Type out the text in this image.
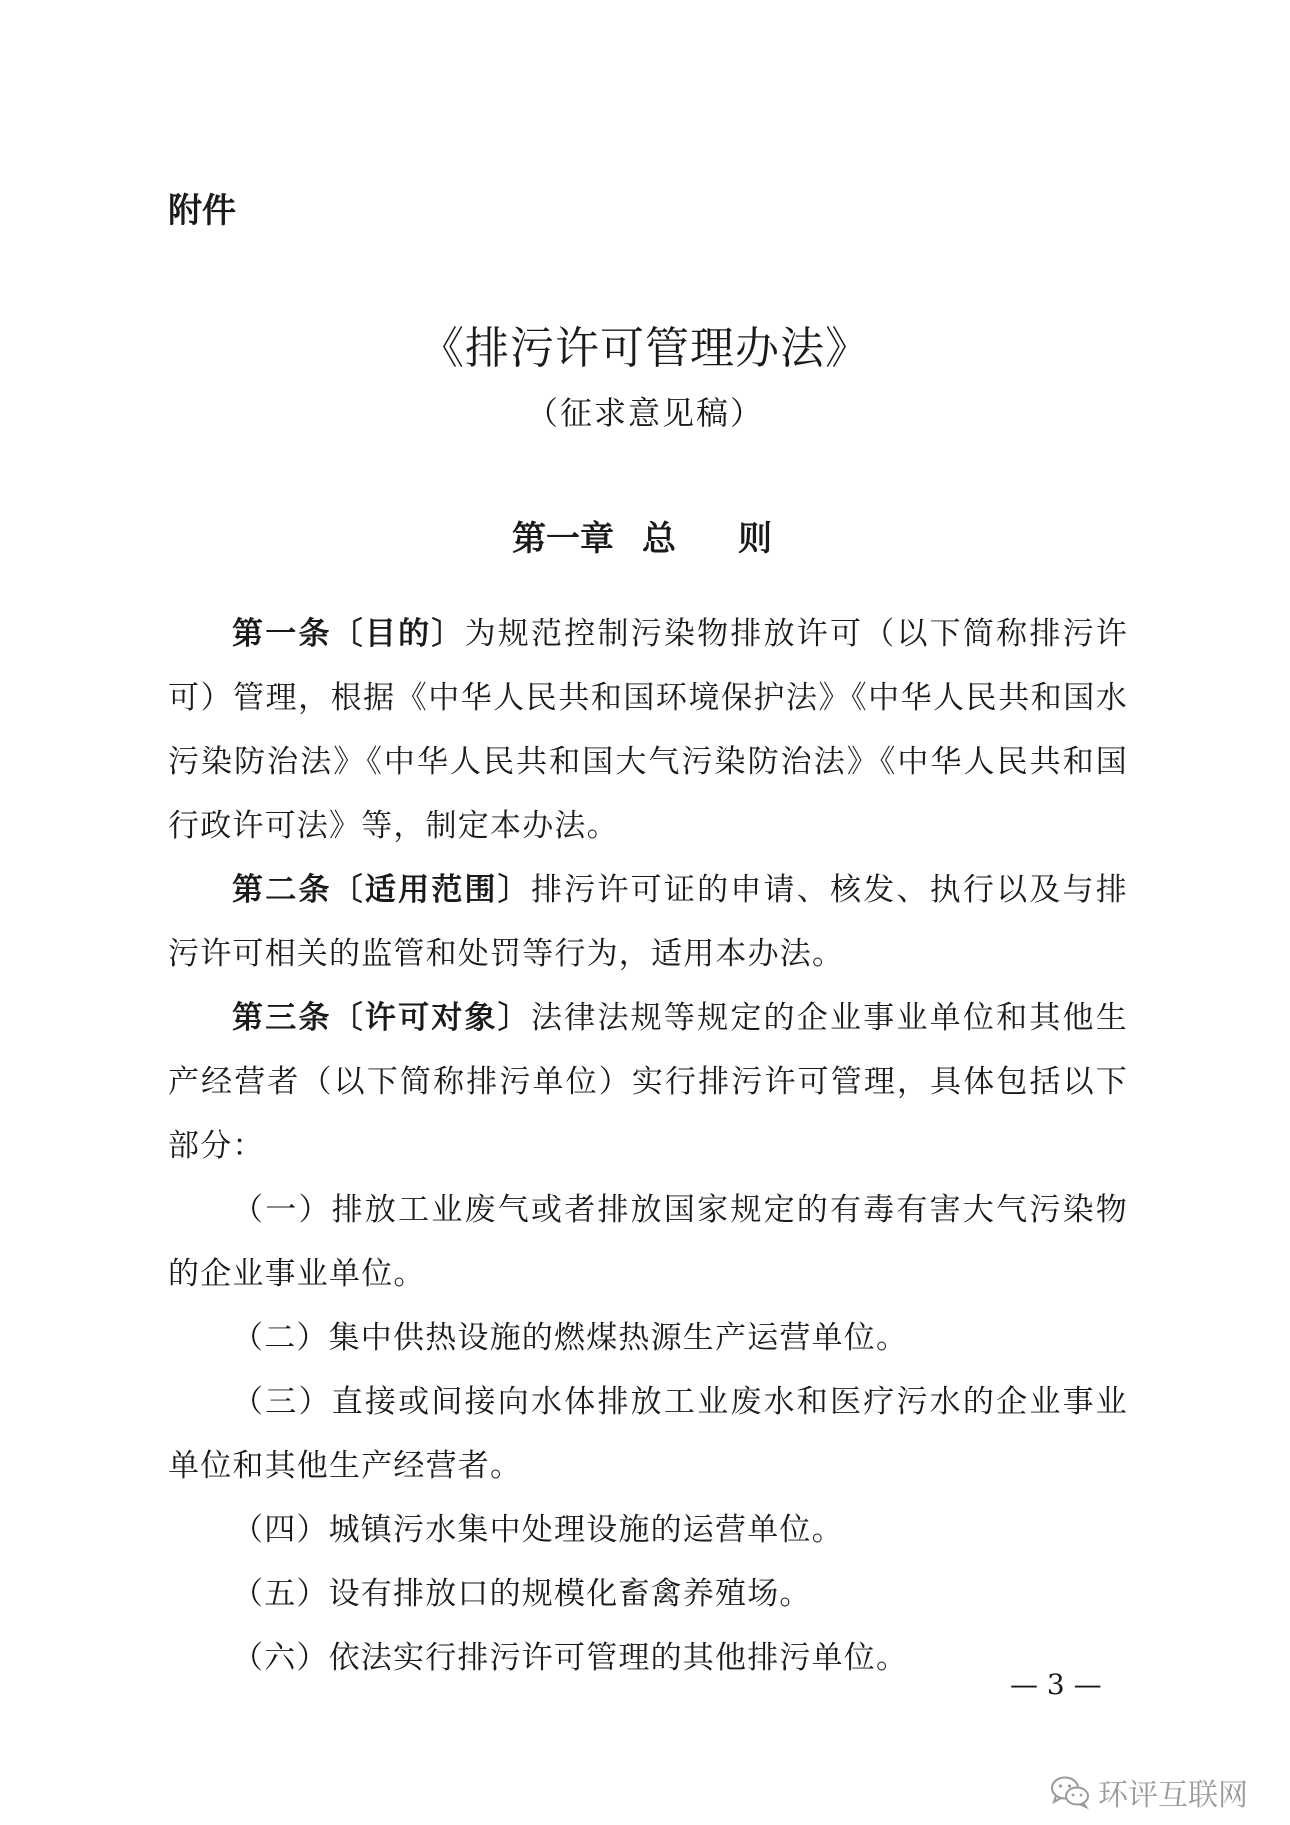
附件
《排污许可管理办法》
（征求意见稿）
第一章 总 则

第一条〔目的〕为规范控制污染物排放许可（以下简称排污许可）管理，根据《中华人民共和国环境保护法》《中华人民共和国水污染防治法》《中华人民共和国大气污染防治法》《中华人民共和国行政许可法》等，制定本办法。

第二条〔适用范围〕排污许可证的申请、核发、执行以及与排污许可相关的监管和处罚等行为，适用本办法。

第三条〔许可对象〕法律法规等规定的企业事业单位和其他生产经营者（以下简称排污单位）实行排污许可管理，具体包括以下部分：

（一）排放工业废气或者排放国家规定的有毒有害大气污染物的企业事业单位。

（二）集中供热设施的燃煤热源生产运营单位。

（三）直接或间接向水体排放工业废水和医疗污水的企业事业单位和其他生产经营者。

（四）城镇污水集中处理设施的运营单位。

（五）设有排放口的规模化畜禽养殖场。

（六）依法实行排污许可管理的其他排污单位。

— 3 —
环评互联网
